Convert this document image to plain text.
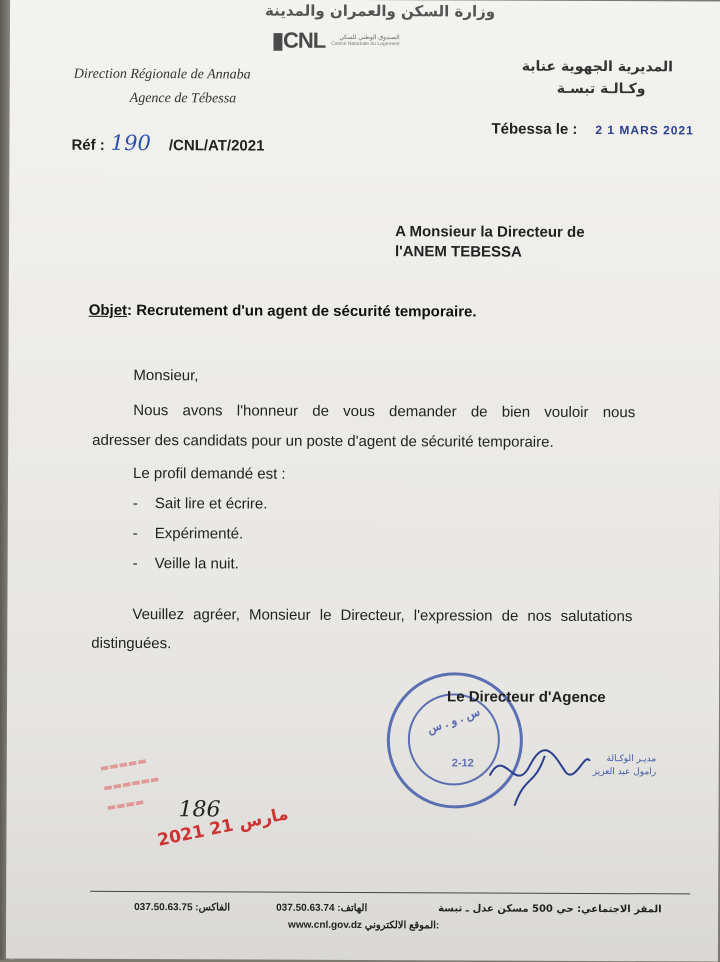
وزارة السكن والعمران والمدينة
▮CNL	الصندوق الوطني للسكن
Caisse Nationale du Logement
Direction Régionale de Annaba
Agence de Tébessa
المديرية الجهوية عنابة
وكـالـة تبسـة
Réf : 190 /CNL/AT/2021
Tébessa le : 2 1 MARS 2021
A Monsieur la Directeur de
l'ANEM TEBESSA
Objet: Recrutement d'un agent de sécurité temporaire.
Monsieur,
Nous avons l'honneur de vous demander de bien vouloir nous
adresser des candidats pour un poste d'agent de sécurité temporaire.
Le profil demandé est :
- Sait lire et écrire.
- Expérimenté.
- Veille la nuit.
Veuillez agréer, Monsieur le Directeur, l'expression de nos salutations
distinguées.
س . و . س
2-12
Le Directeur d'Agence
مديـر الوكـالة
رامول عبد العزيز
▬▬▬▬▬
▬▬▬▬▬▬
▬▬▬▬ 186
2021 مارس 21
037.50.63.75 :الفاكس	037.50.63.74 :الهاتف	المقر الاجتماعي: حي 500 مسكن عدل ـ تبسة
www.cnl.gov.dz الموقع الالكتروني:
